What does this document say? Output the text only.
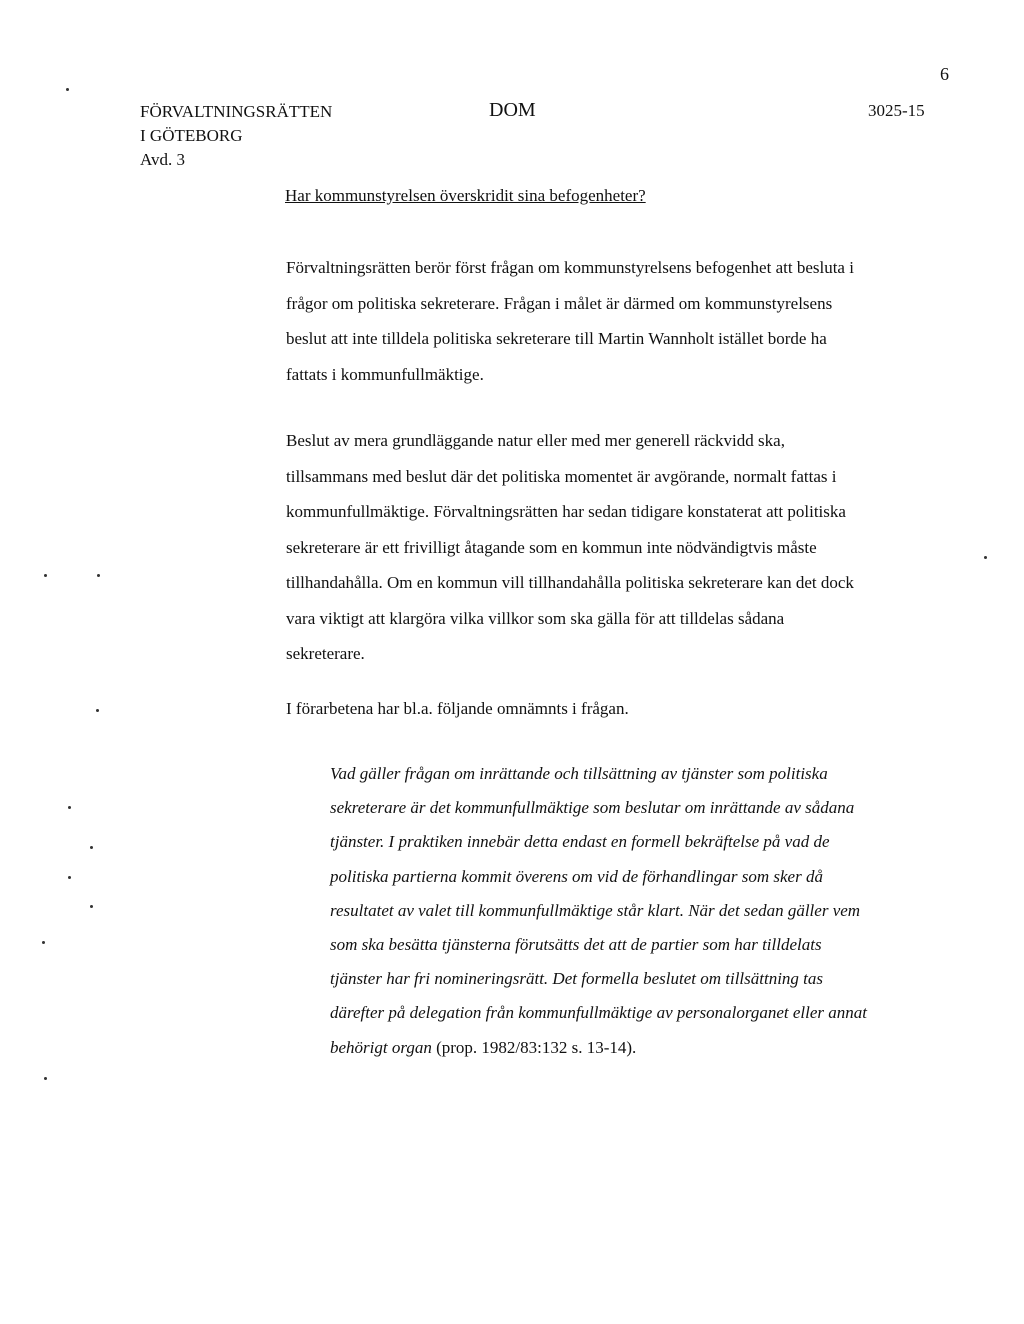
6
FÖRVALTNINGSRÄTTEN
I GÖTEBORG
Avd. 3
DOM	3025-15
Har kommunstyrelsen överskridit sina befogenheter?

Förvaltningsrätten berör först frågan om kommunstyrelsens befogenhet att besluta i frågor om politiska sekreterare. Frågan i målet är därmed om kommunstyrelsens beslut att inte tilldela politiska sekreterare till Martin Wannholt istället borde ha fattats i kommunfullmäktige.

Beslut av mera grundläggande natur eller med mer generell räckvidd ska, tillsammans med beslut där det politiska momentet är avgörande, normalt fattas i kommunfullmäktige. Förvaltningsrätten har sedan tidigare konstaterat att politiska sekreterare är ett frivilligt åtagande som en kommun inte nödvändigtvis måste tillhandahålla. Om en kommun vill tillhandahålla politiska sekreterare kan det dock vara viktigt att klargöra vilka villkor som ska gälla för att tilldelas sådana sekreterare.

I förarbetena har bl.a. följande omnämnts i frågan.

Vad gäller frågan om inrättande och tillsättning av tjänster som politiska sekreterare är det kommunfullmäktige som beslutar om inrättande av sådana tjänster. I praktiken innebär detta endast en formell bekräftelse på vad de politiska partierna kommit överens om vid de förhandlingar som sker då resultatet av valet till kommunfullmäktige står klart. När det sedan gäller vem som ska besätta tjänsterna förutsätts det att de partier som har tilldelats tjänster har fri nomineringsrätt. Det formella beslutet om tillsättning tas därefter på delegation från kommunfullmäktige av personalorganet eller annat behörigt organ (prop. 1982/83:132 s. 13-14).
